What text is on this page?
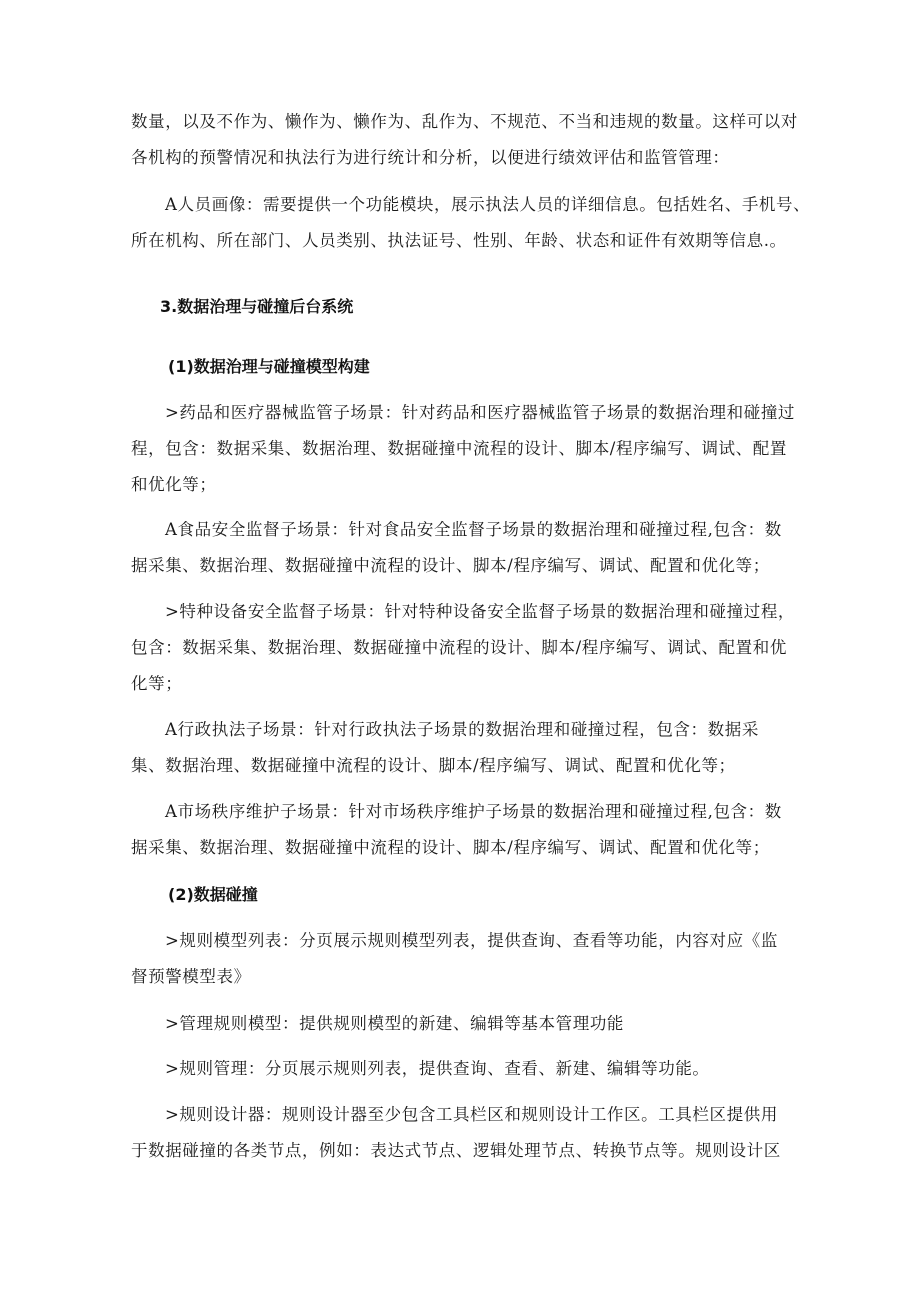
数量，以及不作为、懒作为、懒作为、乱作为、不规范、不当和违规的数量。这样可以对
各机构的预警情况和执法行为进行统计和分析，以便进行绩效评估和监管管理：
A人员画像：需要提供一个功能模块，展示执法人员的详细信息。包括姓名、手机号、
所在机构、所在部门、人员类别、执法证号、性别、年龄、状态和证件有效期等信息.。
3.数据治理与碰撞后台系统
(1)数据治理与碰撞模型构建
>药品和医疗器械监管子场景：针对药品和医疗器械监管子场景的数据治理和碰撞过
程，包含：数据采集、数据治理、数据碰撞中流程的设计、脚本/程序编写、调试、配置
和优化等；
A食品安全监督子场景：针对食品安全监督子场景的数据治理和碰撞过程,包含：数
据采集、数据治理、数据碰撞中流程的设计、脚本/程序编写、调试、配置和优化等；
>特种设备安全监督子场景：针对特种设备安全监督子场景的数据治理和碰撞过程，
包含：数据采集、数据治理、数据碰撞中流程的设计、脚本/程序编写、调试、配置和优
化等；
A行政执法子场景：针对行政执法子场景的数据治理和碰撞过程，包含：数据采
集、数据治理、数据碰撞中流程的设计、脚本/程序编写、调试、配置和优化等；
A市场秩序维护子场景：针对市场秩序维护子场景的数据治理和碰撞过程,包含：数
据采集、数据治理、数据碰撞中流程的设计、脚本/程序编写、调试、配置和优化等；
(2)数据碰撞
>规则模型列表：分页展示规则模型列表，提供查询、查看等功能，内容对应《监
督预警模型表》
>管理规则模型：提供规则模型的新建、编辑等基本管理功能
>规则管理：分页展示规则列表，提供查询、查看、新建、编辑等功能。
>规则设计器：规则设计器至少包含工具栏区和规则设计工作区。工具栏区提供用
于数据碰撞的各类节点，例如：表达式节点、逻辑处理节点、转换节点等。规则设计区
